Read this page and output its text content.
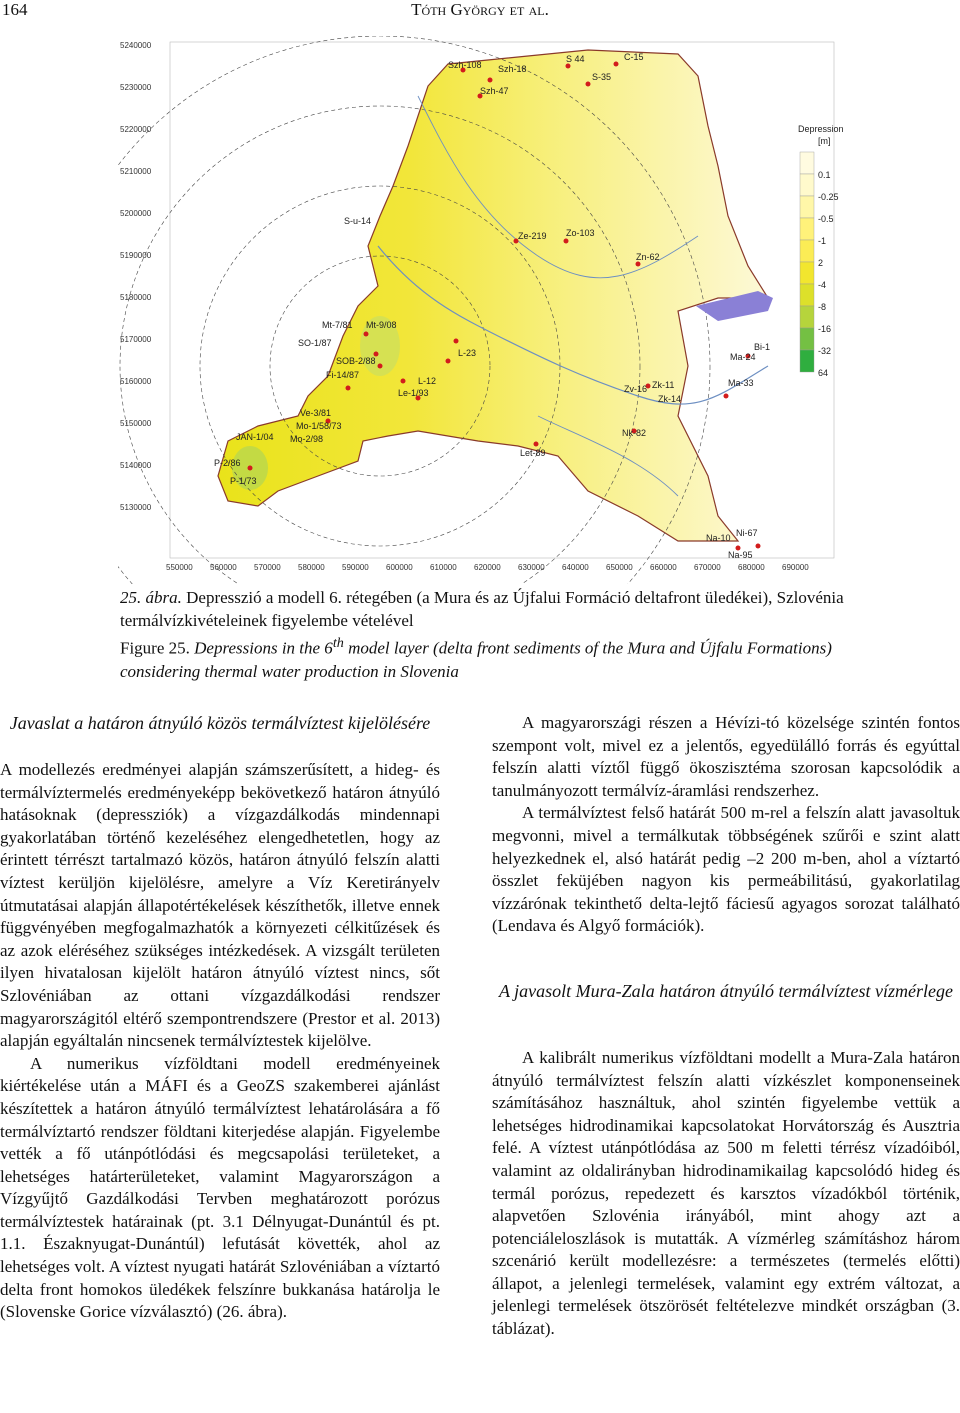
164	Tóth György et al.
Szh-108 Szh-18
S 44	C-15
S-35
Szh-47
S-u-14
Ze-219 Zo-103
Zn-62
Mt-7/81 Mt-9/08
SO-1/87
SOB-2/88
Fi-14/87
L-12
L-23
Le-1/93
Ve-3/81
Mo-1/58/73
Mo-2/98
Bi-1
Ma-24
Ma-33
Zk-11
Zk-14
Zv-16
Nk-82
Let-89
JAN-1/04
P-2/86
P-1/73
Ni-67
Na-10
Na-95
5240000
5230000
5220000
5210000
5200000
5190000
5180000
5170000
5160000
5150000
5140000
5130000
550000 560000 570000 580000 590000 600000 610000 620000 630000 640000 650000 660000 670000 680000 690000
Depression
[m]
0.1
-0.25
-0.5
-1
2
-4
-8
-16
-32
64
25. ábra. Depresszió a modell 6. rétegében (a Mura és az Újfalui Formáció deltafront üledékei), Szlovénia termálvízkivételeinek figyelembe vételével
Figure 25. Depressions in the 6th model layer (delta front sediments of the Mura and Újfalu Formations) considering thermal water production in Slovenia
Javaslat a határon átnyúló közös termálvíztest kijelölésére

A modellezés eredményei alapján számszerűsített, a hideg- és termálvíztermelés eredményeképp bekövetkező határon átnyúló hatásoknak (depressziók) a vízgazdálkodás mindennapi gyakorlatában történő kezeléséhez elengedhetetlen, hogy az érintett térrészt tartalmazó közös, határon átnyúló felszín alatti víztest kerüljön kijelölésre, amelyre a Víz Keretirányelv útmutatásai alapján állapotértékelések készíthetők, illetve ennek függvényében megfogalmazhatók a környezeti célkitűzések és az azok eléréséhez szükséges intézkedések. A vizsgált területen ilyen hivatalosan kijelölt határon átnyúló víztest nincs, sőt Szlovéniában az ottani vízgazdálkodási rendszer magyarországitól eltérő szempontrendszere (Prestor et al. 2013) alapján egyáltalán nincsenek termálvíztestek kijelölve.

A numerikus vízföldtani modell eredményeinek kiértékelése után a MÁFI és a GeoZS szakemberei ajánlást készítettek a határon átnyúló termálvíztest lehatárolására a fő termálvíztartó rendszer földtani kiterjedése alapján. Figyelembe vették a fő utánpótlódási és megcsapolási területeket, a lehetséges határterületeket, valamint Magyarországon a Vízgyűjtő Gazdálkodási Tervben meghatározott porózus termálvíztestek határainak (pt. 3.1 Délnyugat-Dunántúl és pt. 1.1. Északnyugat-Dunántúl) lefutását követték, ahol az lehetséges volt. A víztest nyugati határát Szlovéniában a víztartó delta front homokos üledékek felszínre bukkanása határolja le (Slovenske Gorice vízválasztó) (26. ábra).

A magyarországi részen a Hévízi-tó közelsége szintén fontos szempont volt, mivel ez a jelentős, egyedülálló forrás és egyúttal felszín alatti víztől függő ökoszisztéma szorosan kapcsolódik a tanulmányozott termálvíz-áramlási rendszerhez.

A termálvíztest felső határát 500 m-rel a felszín alatt javasoltuk megvonni, mivel a termálkutak többségének szűrői e szint alatt helyezkednek el, alsó határát pedig –2 200 m-ben, ahol a víztartó összlet feküjében nagyon kis permeábilitású, gyakorlatilag vízzárónak tekinthető delta-lejtő fáciesű agyagos sorozat található (Lendava és Algyő formációk).

A javasolt Mura-Zala határon átnyúló termálvíztest vízmérlege

A kalibrált numerikus vízföldtani modellt a Mura-Zala határon átnyúló termálvíztest felszín alatti vízkészlet komponenseinek számításához használtuk, ahol szintén figyelembe vettük a lehetséges hidrodinamikai kapcsolatokat Horvátország és Ausztria felé. A víztest utánpótlódása az 500 m feletti térrész vízadóiból, valamint az oldalirányban hidrodinamikailag kapcsolódó hideg és termál porózus, repedezett és karsztos vízadókból történik, alapvetően Szlovénia irányából, mint ahogy azt a potenciáleloszlások is mutatták. A vízmérleg számításhoz három szcenárió került modellezésre: a természetes (termelés előtti) állapot, a jelenlegi termelések, valamint egy extrém változat, a jelenlegi termelések ötszörösét feltételezve mindkét országban (3. táblázat).
